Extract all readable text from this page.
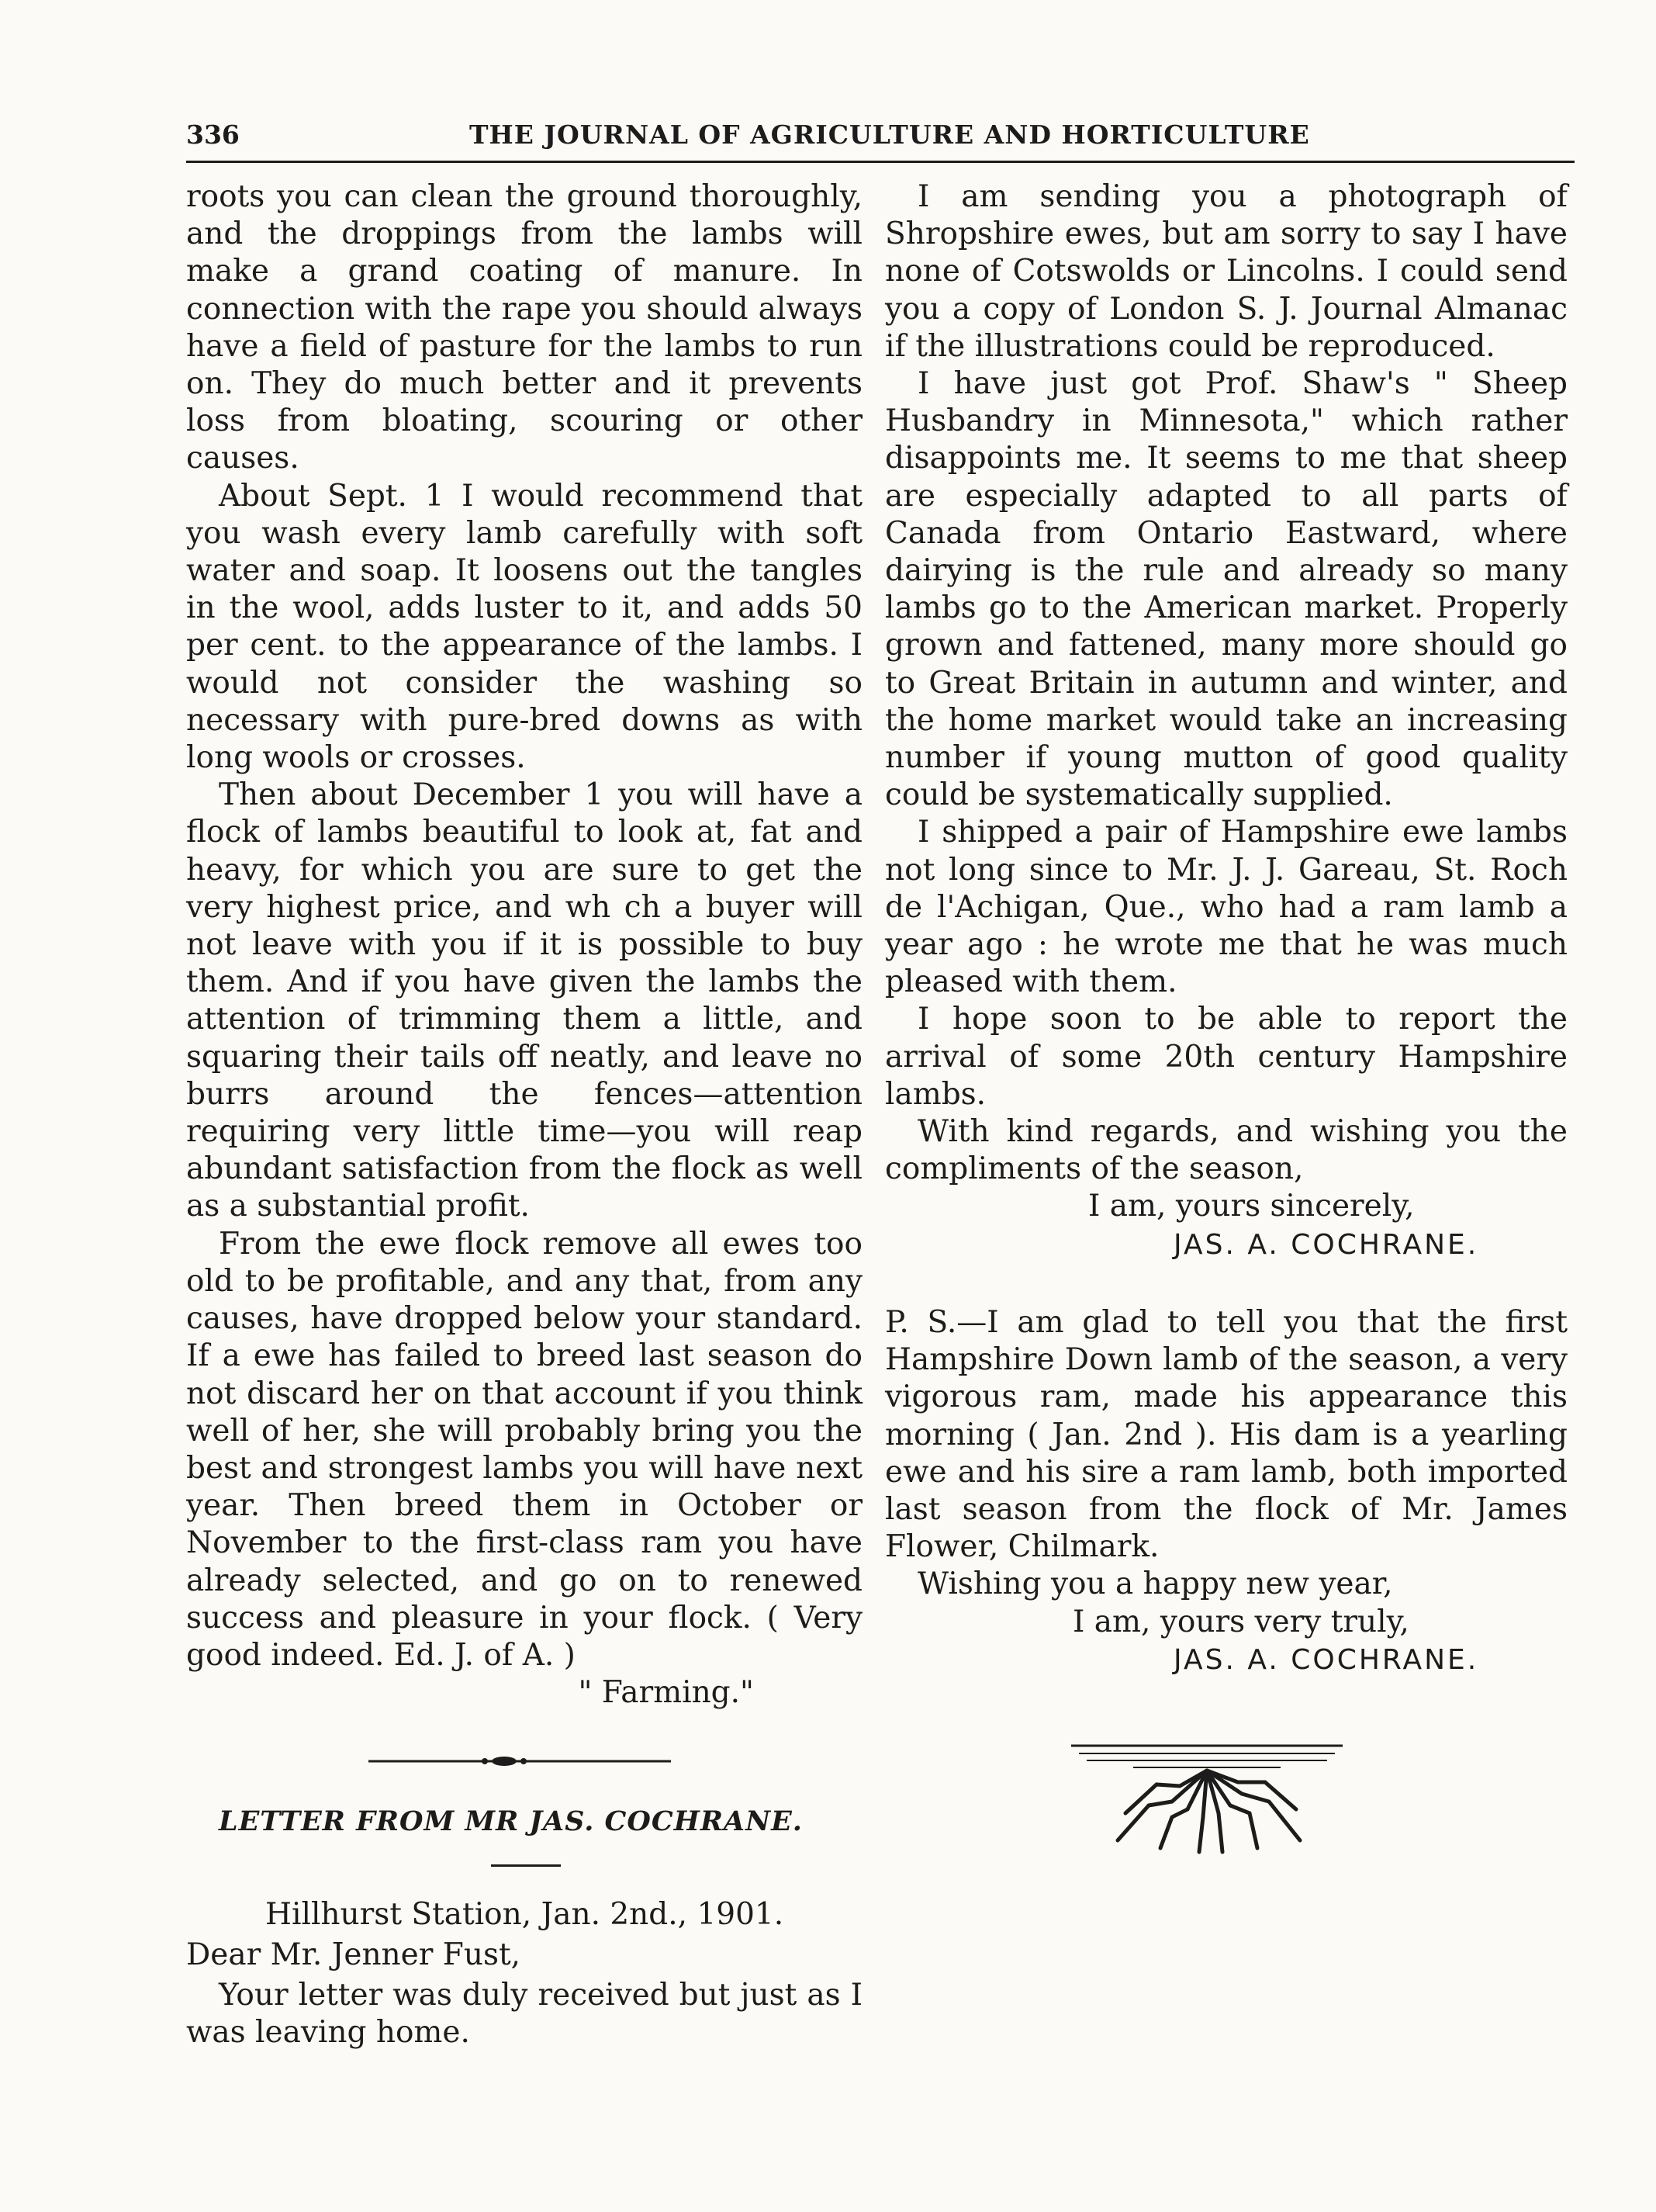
336	THE JOURNAL OF AGRICULTURE AND HORTICULTURE

roots you can clean the ground thoroughly, and the droppings from the lambs will make a grand coating of manure. In connection with the rape you should always have a field of pasture for the lambs to run on. They do much better and it prevents loss from bloating, scouring or other causes.

About Sept. 1 I would recommend that you wash every lamb carefully with soft water and soap. It loosens out the tangles in the wool, adds luster to it, and adds 50 per cent. to the appearance of the lambs. I would not consider the washing so necessary with pure-bred downs as with long wools or crosses.

Then about December 1 you will have a flock of lambs beautiful to look at, fat and heavy, for which you are sure to get the very highest price, and wh ch a buyer will not leave with you if it is possible to buy them. And if you have given the lambs the attention of trimming them a little, and squaring their tails off neatly, and leave no burrs around the fences—attention requiring very little time—you will reap abundant satisfaction from the flock as well as a substantial profit.

From the ewe flock remove all ewes too old to be profitable, and any that, from any causes, have dropped below your standard. If a ewe has failed to breed last season do not discard her on that account if you think well of her, she will probably bring you the best and strongest lambs you will have next year. Then breed them in October or November to the first-class ram you have already selected, and go on to renewed success and pleasure in your flock. ( Very good indeed. Ed. J. of A. )

" Farming."

LETTER FROM MR JAS. COCHRANE.

Hillhurst Station, Jan. 2nd., 1901.

Dear Mr. Jenner Fust,

Your letter was duly received but just as I was leaving home.

I am sending you a photograph of Shropshire ewes, but am sorry to say I have none of Cotswolds or Lincolns. I could send you a copy of London S. J. Journal Almanac if the illustrations could be reproduced.

I have just got Prof. Shaw's " Sheep Husbandry in Minnesota," which rather disappoints me. It seems to me that sheep are especially adapted to all parts of Canada from Ontario Eastward, where dairying is the rule and already so many lambs go to the American market. Properly grown and fattened, many more should go to Great Britain in autumn and winter, and the home market would take an increasing number if young mutton of good quality could be systematically supplied.

I shipped a pair of Hampshire ewe lambs not long since to Mr. J. J. Gareau, St. Roch de l'Achigan, Que., who had a ram lamb a year ago : he wrote me that he was much pleased with them.

I hope soon to be able to report the arrival of some 20th century Hampshire lambs.

With kind regards, and wishing you the compliments of the season,

I am, yours sincerely,

JAS. A. COCHRANE.

P. S.—I am glad to tell you that the first Hampshire Down lamb of the season, a very vigorous ram, made his appearance this morning ( Jan. 2nd ). His dam is a yearling ewe and his sire a ram lamb, both imported last season from the flock of Mr. James Flower, Chilmark.

Wishing you a happy new year,

I am, yours very truly,

JAS. A. COCHRANE.
